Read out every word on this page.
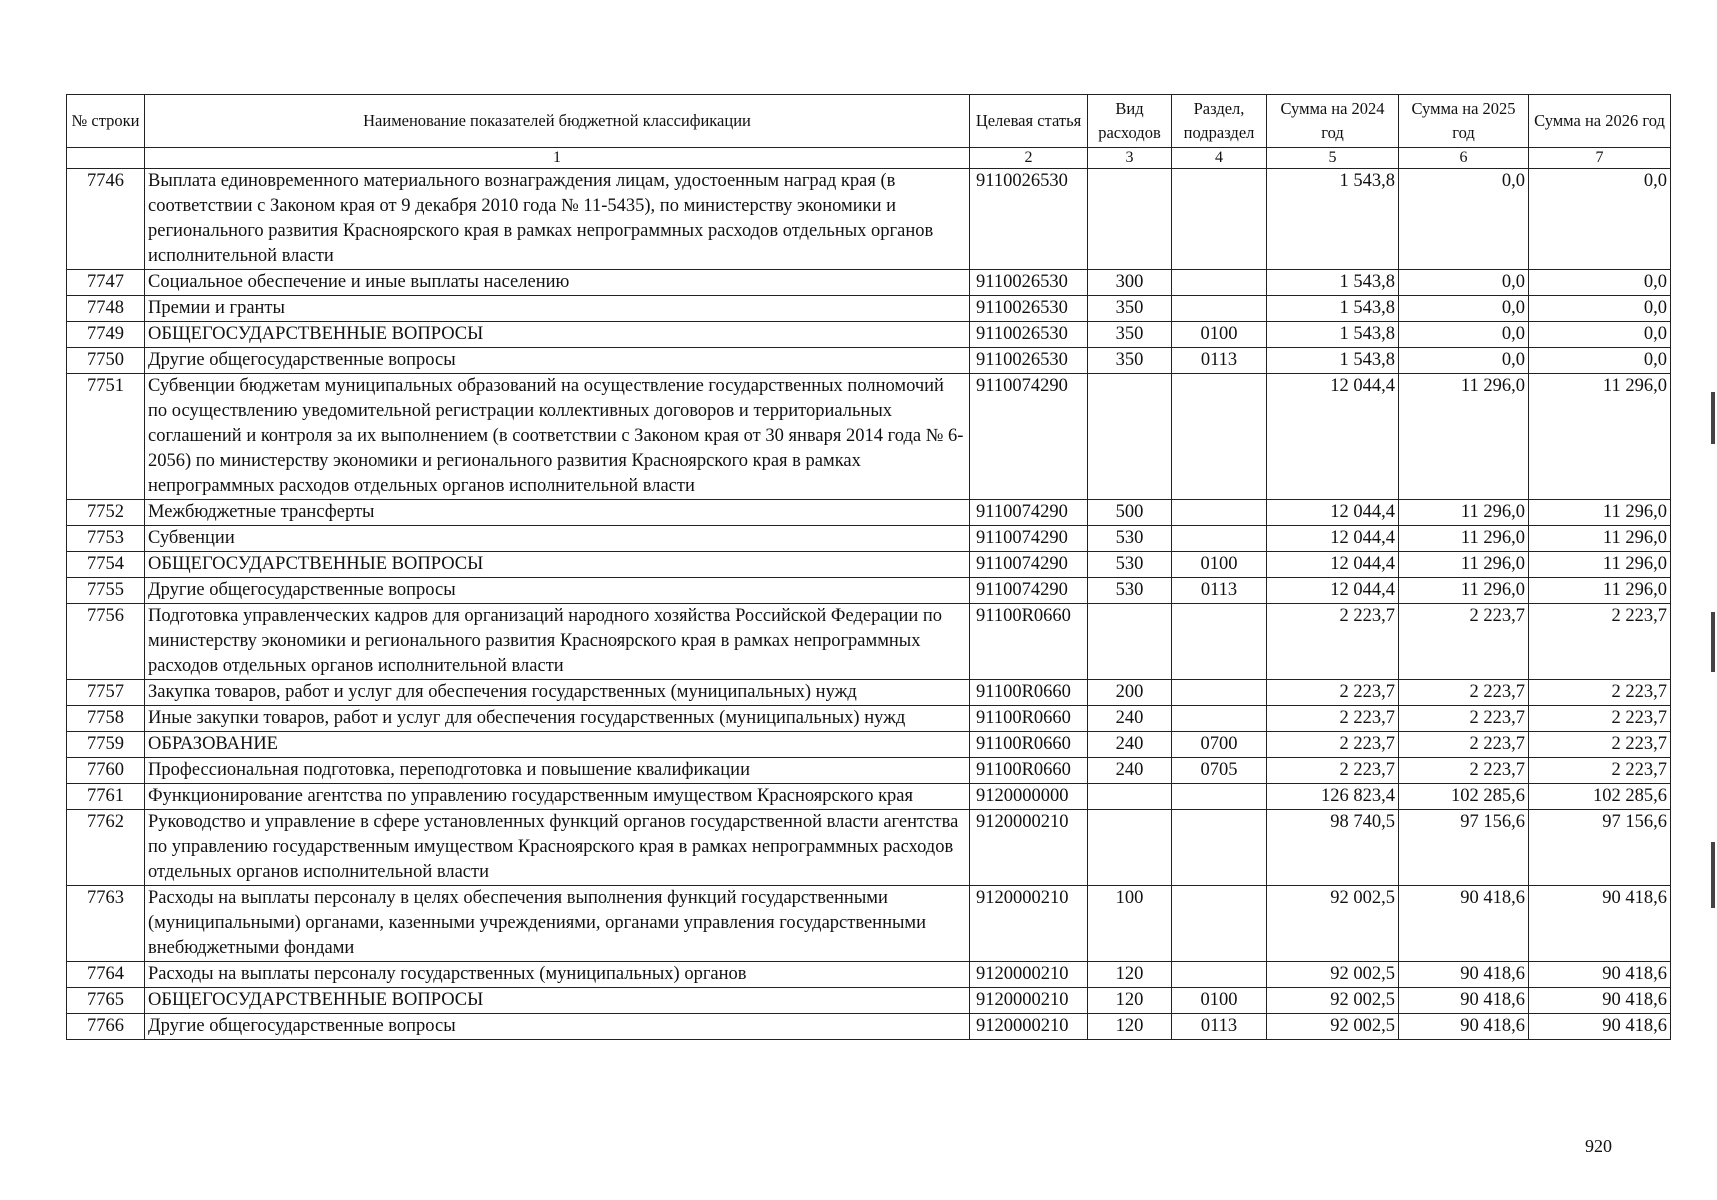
№ строки	Наименование показателей бюджетной классификации	Целевая статья	Вид расходов	Раздел, подраздел	Сумма на 2024 год	Сумма на 2025 год	Сумма на 2026 год
	1	2	3	4	5	6	7
7746	Выплата единовременного материального вознаграждения лицам, удостоенным наград края (в соответствии с Законом края от 9 декабря 2010 года № 11-5435), по министерству экономики и регионального развития Красноярского края в рамках непрограммных расходов отдельных органов исполнительной власти	9110026530			1 543,8	0,0	0,0
7747	Социальное обеспечение и иные выплаты населению	9110026530	300		1 543,8	0,0	0,0
7748	Премии и гранты	9110026530	350		1 543,8	0,0	0,0
7749	ОБЩЕГОСУДАРСТВЕННЫЕ ВОПРОСЫ	9110026530	350	0100	1 543,8	0,0	0,0
7750	Другие общегосударственные вопросы	9110026530	350	0113	1 543,8	0,0	0,0
7751	Субвенции бюджетам муниципальных образований на осуществление государственных полномочий по осуществлению уведомительной регистрации коллективных договоров и территориальных соглашений и контроля за их выполнением (в соответствии с Законом края от 30 января 2014 года № 6-2056) по министерству экономики и регионального развития Красноярского края в рамках непрограммных расходов отдельных органов исполнительной власти	9110074290			12 044,4	11 296,0	11 296,0
7752	Межбюджетные трансферты	9110074290	500		12 044,4	11 296,0	11 296,0
7753	Субвенции	9110074290	530		12 044,4	11 296,0	11 296,0
7754	ОБЩЕГОСУДАРСТВЕННЫЕ ВОПРОСЫ	9110074290	530	0100	12 044,4	11 296,0	11 296,0
7755	Другие общегосударственные вопросы	9110074290	530	0113	12 044,4	11 296,0	11 296,0
7756	Подготовка управленческих кадров для организаций народного хозяйства Российской Федерации по министерству экономики и регионального развития Красноярского края в рамках непрограммных расходов отдельных органов исполнительной власти	91100R0660			2 223,7	2 223,7	2 223,7
7757	Закупка товаров, работ и услуг для обеспечения государственных (муниципальных) нужд	91100R0660	200		2 223,7	2 223,7	2 223,7
7758	Иные закупки товаров, работ и услуг для обеспечения государственных (муниципальных) нужд	91100R0660	240		2 223,7	2 223,7	2 223,7
7759	ОБРАЗОВАНИЕ	91100R0660	240	0700	2 223,7	2 223,7	2 223,7
7760	Профессиональная подготовка, переподготовка и повышение квалификации	91100R0660	240	0705	2 223,7	2 223,7	2 223,7
7761	Функционирование агентства по управлению государственным имуществом Красноярского края	9120000000			126 823,4	102 285,6	102 285,6
7762	Руководство и управление в сфере установленных функций органов государственной власти агентства по управлению государственным имуществом Красноярского края в рамках непрограммных расходов отдельных органов исполнительной власти	9120000210			98 740,5	97 156,6	97 156,6
7763	Расходы на выплаты персоналу в целях обеспечения выполнения функций государственными (муниципальными) органами, казенными учреждениями, органами управления государственными внебюджетными фондами	9120000210	100		92 002,5	90 418,6	90 418,6
7764	Расходы на выплаты персоналу государственных (муниципальных) органов	9120000210	120		92 002,5	90 418,6	90 418,6
7765	ОБЩЕГОСУДАРСТВЕННЫЕ ВОПРОСЫ	9120000210	120	0100	92 002,5	90 418,6	90 418,6
7766	Другие общегосударственные вопросы	9120000210	120	0113	92 002,5	90 418,6	90 418,6
920
